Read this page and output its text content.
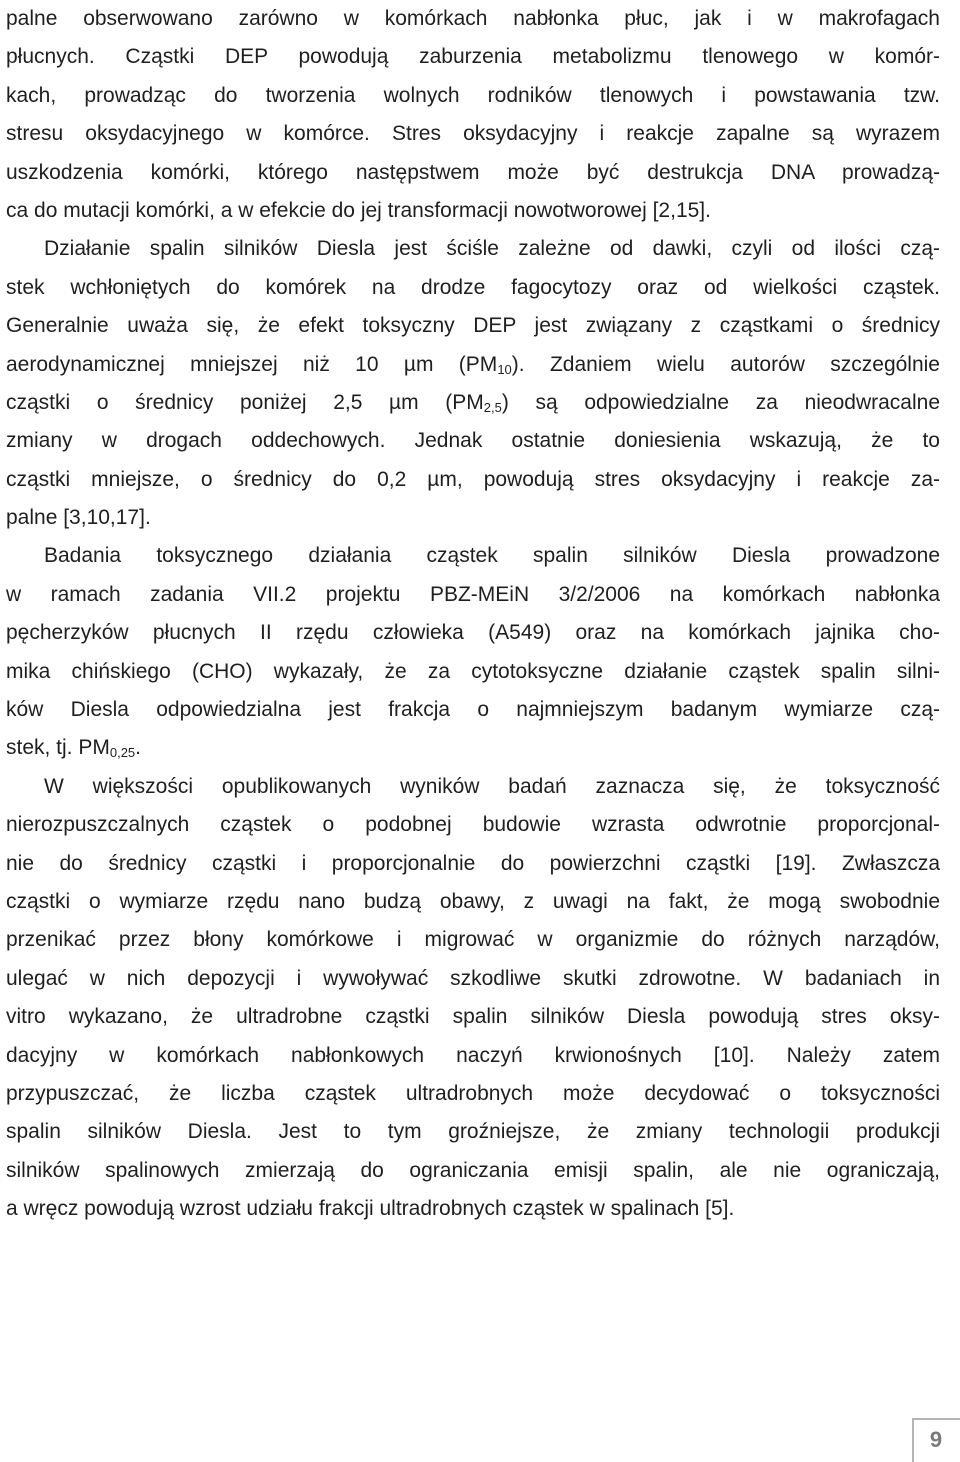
palne obserwowano zarówno w komórkach nabłonka płuc, jak i w makrofagach
płucnych. Cząstki DEP powodują zaburzenia metabolizmu tlenowego w komór-
kach, prowadząc do tworzenia wolnych rodników tlenowych i powstawania tzw.
stresu oksydacyjnego w komórce. Stres oksydacyjny i reakcje zapalne są wyrazem
uszkodzenia komórki, którego następstwem może być destrukcja DNA prowadzą-
ca do mutacji komórki, a w efekcie do jej transformacji nowotworowej [2,15].
Działanie spalin silników Diesla jest ściśle zależne od dawki, czyli od ilości czą-
stek wchłoniętych do komórek na drodze fagocytozy oraz od wielkości cząstek.
Generalnie uważa się, że efekt toksyczny DEP jest związany z cząstkami o średnicy
aerodynamicznej mniejszej niż 10 µm $(PM_{10})$. Zdaniem wielu autorów szczególnie
cząstki o średnicy poniżej 2,5 µm $(PM_{2,5})$ są odpowiedzialne za nieodwracalne
zmiany w drogach oddechowych. Jednak ostatnie doniesienia wskazują, że to
cząstki mniejsze, o średnicy do 0,2 µm, powodują stres oksydacyjny i reakcje za-
palne [3,10,17].
Badania toksycznego działania cząstek spalin silników Diesla prowadzone
w ramach zadania VII.2 projektu PBZ-MEiN 3/2/2006 na komórkach nabłonka
pęcherzyków płucnych II rzędu człowieka (A549) oraz na komórkach jajnika cho-
mika chińskiego (CHO) wykazały, że za cytotoksyczne działanie cząstek spalin silni-
ków Diesla odpowiedzialna jest frakcja o najmniejszym badanym wymiarze czą-
stek, tj. $PM_{0,25}$.
W większości opublikowanych wyników badań zaznacza się, że toksyczność
nierozpuszczalnych cząstek o podobnej budowie wzrasta odwrotnie proporcjonal-
nie do średnicy cząstki i proporcjonalnie do powierzchni cząstki [19]. Zwłaszcza
cząstki o wymiarze rzędu nano budzą obawy, z uwagi na fakt, że mogą swobodnie
przenikać przez błony komórkowe i migrować w organizmie do różnych narządów,
ulegać w nich depozycji i wywoływać szkodliwe skutki zdrowotne. W badaniach in
vitro wykazano, że ultradrobne cząstki spalin silników Diesla powodują stres oksy-
dacyjny w komórkach nabłonkowych naczyń krwionośnych [10]. Należy zatem
przypuszczać, że liczba cząstek ultradrobnych może decydować o toksyczności
spalin silników Diesla. Jest to tym groźniejsze, że zmiany technologii produkcji
silników spalinowych zmierzają do ograniczania emisji spalin, ale nie ograniczają,
a wręcz powodują wzrost udziału frakcji ultradrobnych cząstek w spalinach [5].
9
